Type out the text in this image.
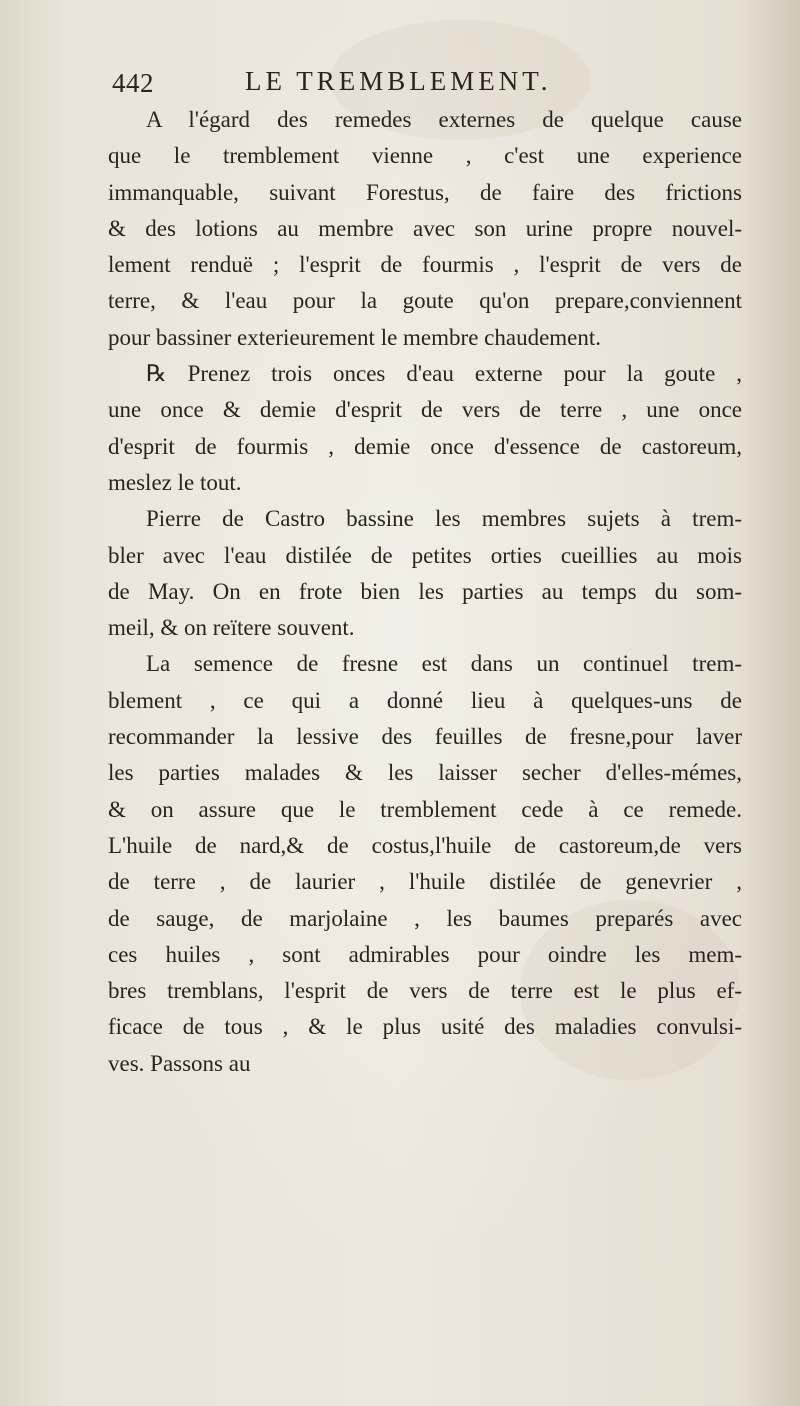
442	LE TREMBLEMENT.
A l'égard des remedes externes de quelque cause
que le tremblement vienne , c'est une experience
immanquable, suivant Forestus, de faire des frictions
& des lotions au membre avec son urine propre nouvel-
lement renduë ; l'esprit de fourmis , l'esprit de vers de
terre, & l'eau pour la goute qu'on prepare,conviennent
pour bassiner exterieurement le membre chaudement.
℞ Prenez trois onces d'eau externe pour la goute ,
une once & demie d'esprit de vers de terre , une once
d'esprit de fourmis , demie once d'essence de castoreum,
meslez le tout.
Pierre de Castro bassine les membres sujets à trem-
bler avec l'eau distilée de petites orties cueillies au mois
de May. On en frote bien les parties au temps du som-
meil, & on reïtere souvent.
La semence de fresne est dans un continuel trem-
blement , ce qui a donné lieu à quelques-uns de
recommander la lessive des feuilles de fresne,pour laver
les parties malades & les laisser secher d'elles-mémes,
& on assure que le tremblement cede à ce remede.
L'huile de nard,& de costus,l'huile de castoreum,de vers
de terre , de laurier , l'huile distilée de genevrier ,
de sauge, de marjolaine , les baumes preparés avec
ces huiles , sont admirables pour oindre les mem-
bres tremblans, l'esprit de vers de terre est le plus ef-
ficace de tous , & le plus usité des maladies convulsi-
ves. Passons au
